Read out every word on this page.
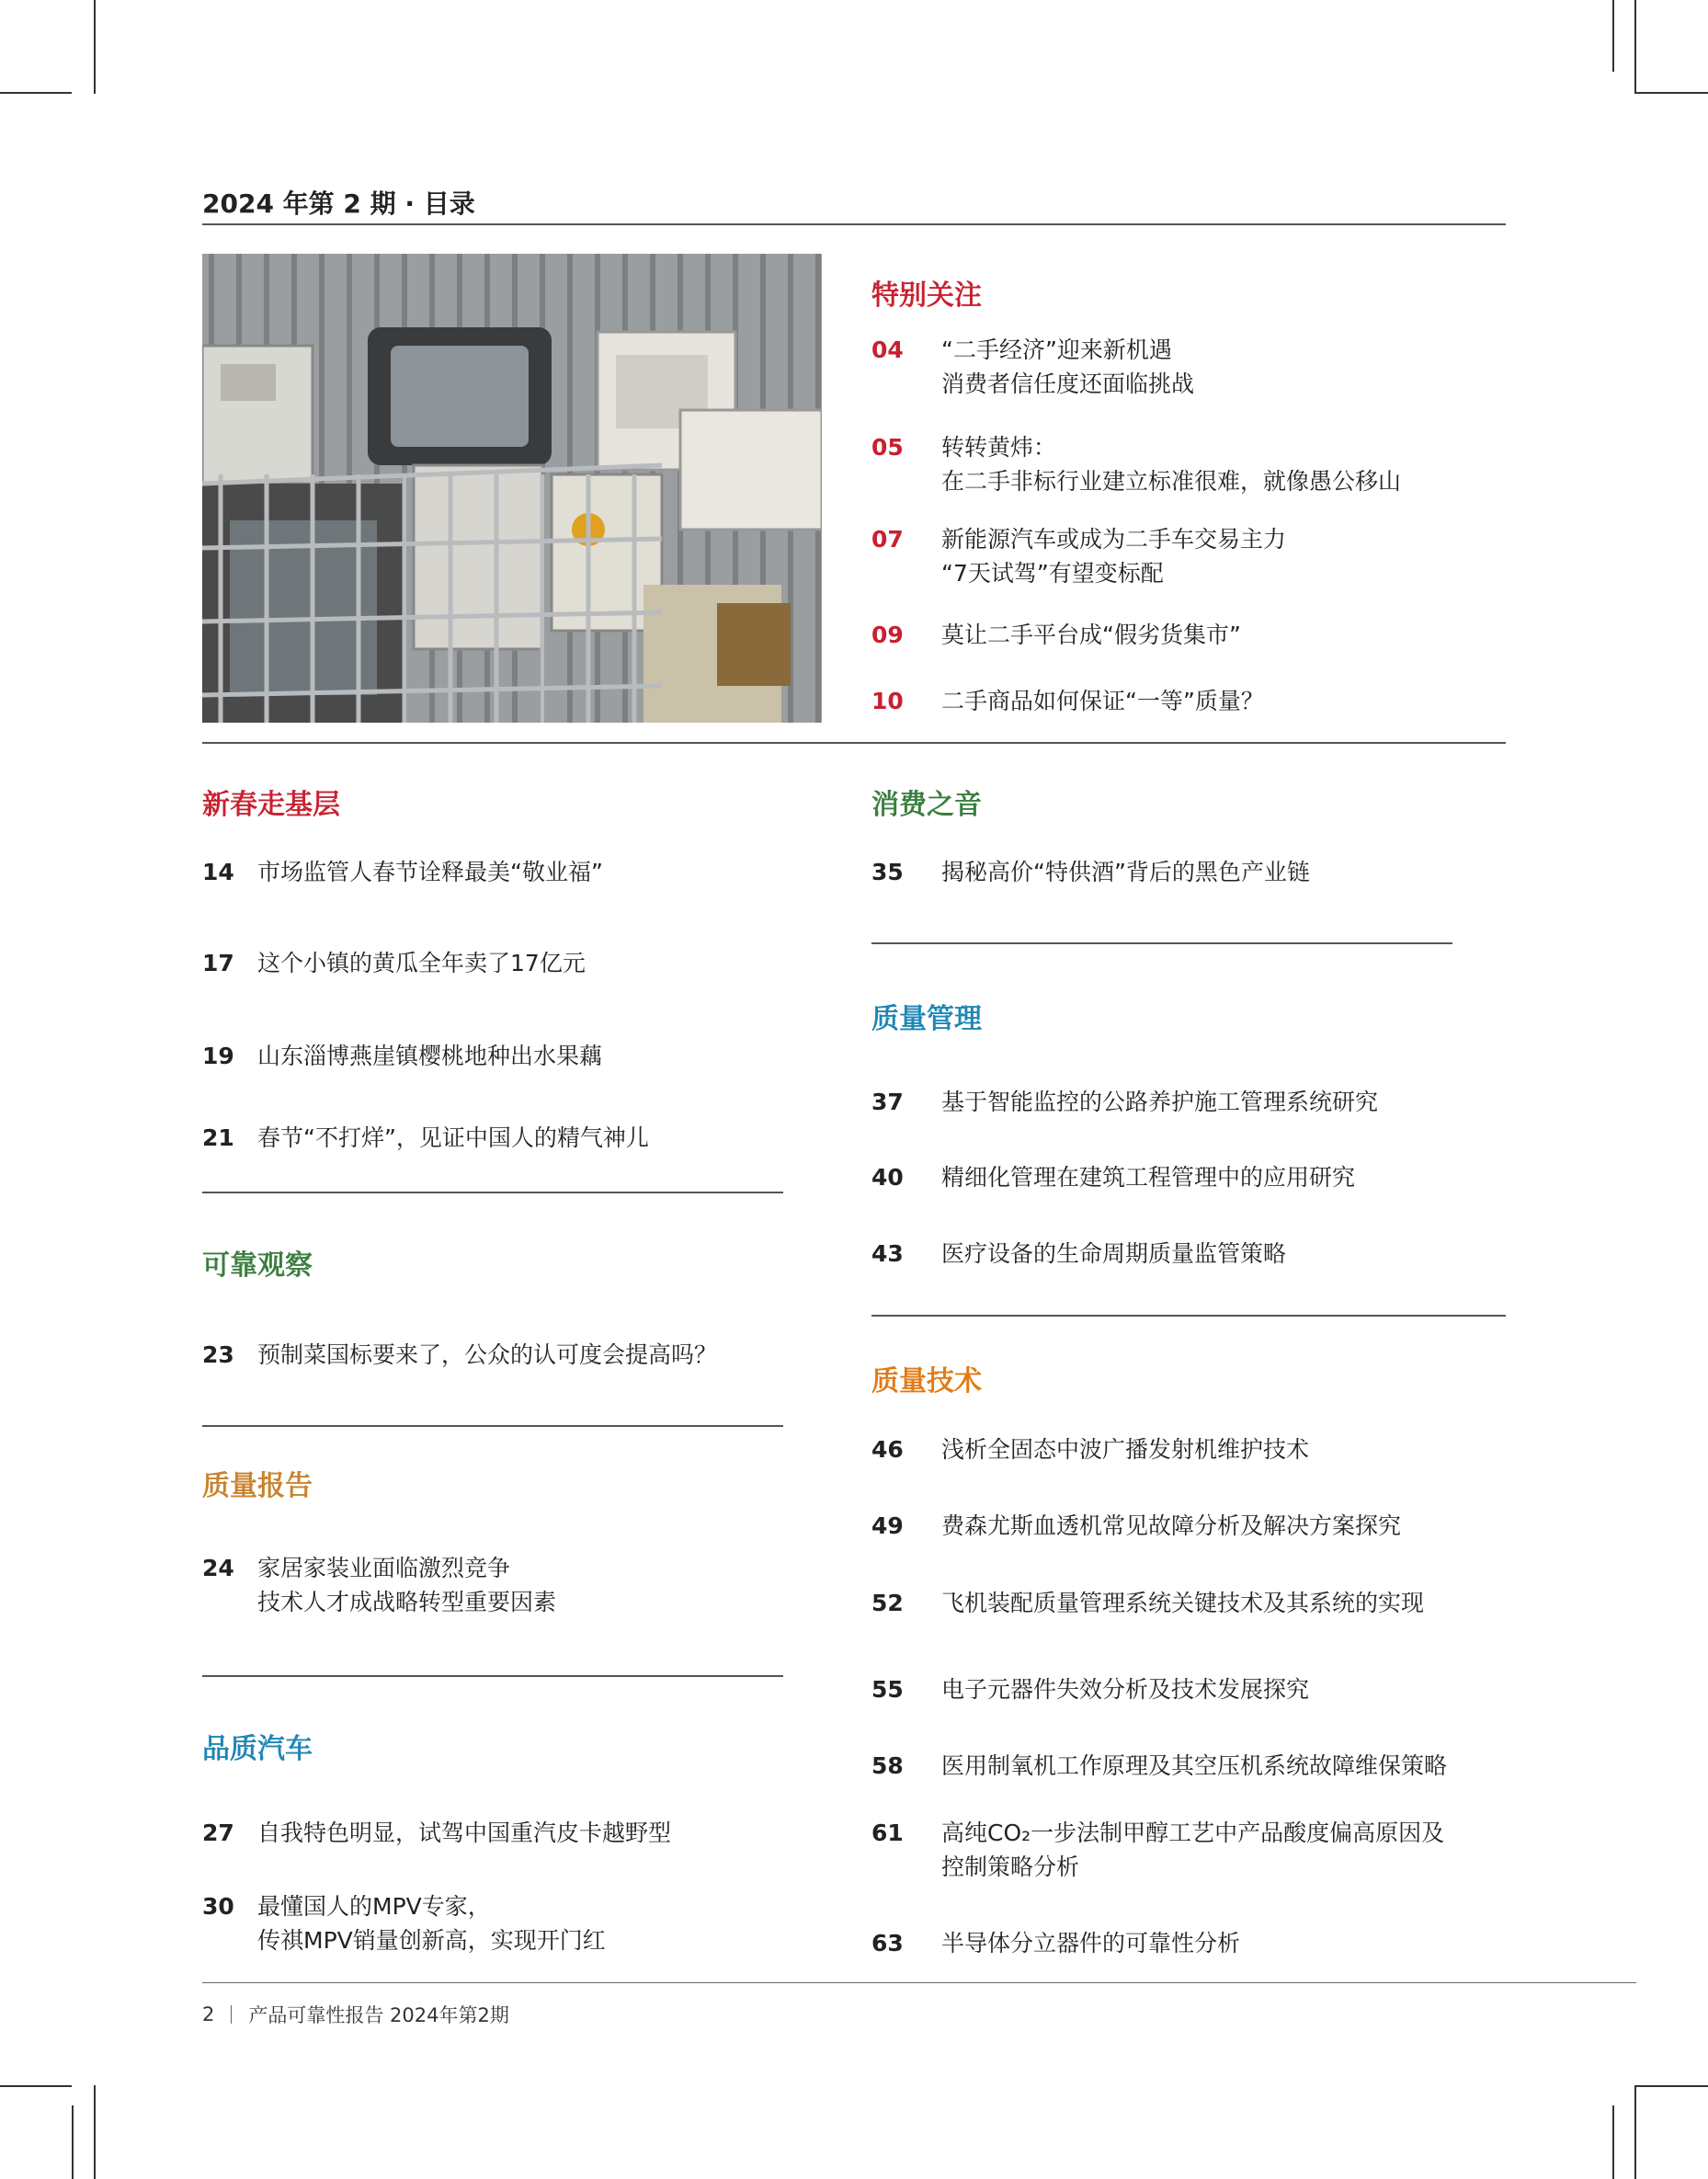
2024 年第 2 期 · 目录
特别关注
04	“二手经济”迎来新机遇
消费者信任度还面临挑战
05	转转黄炜：
在二手非标行业建立标准很难，就像愚公移山
07	新能源汽车或成为二手车交易主力
“7天试驾”有望变标配
09	莫让二手平台成“假劣货集市”
10	二手商品如何保证“一等”质量？
新春走基层
14	市场监管人春节诠释最美“敬业福”
17	这个小镇的黄瓜全年卖了17亿元
19	山东淄博燕崖镇樱桃地种出水果藕
21	春节“不打烊”，见证中国人的精气神儿
可靠观察
23	预制菜国标要来了，公众的认可度会提高吗？
质量报告
24	家居家装业面临激烈竞争
技术人才成战略转型重要因素
品质汽车
27	自我特色明显，试驾中国重汽皮卡越野型
30	最懂国人的MPV专家，
传祺MPV销量创新高，实现开门红
消费之音
35	揭秘高价“特供酒”背后的黑色产业链
质量管理
37	基于智能监控的公路养护施工管理系统研究
40	精细化管理在建筑工程管理中的应用研究
43	医疗设备的生命周期质量监管策略
质量技术
46	浅析全固态中波广播发射机维护技术
49	费森尤斯血透机常见故障分析及解决方案探究
52	飞机装配质量管理系统关键技术及其系统的实现
55	电子元器件失效分析及技术发展探究
58	医用制氧机工作原理及其空压机系统故障维保策略
61	高纯CO₂一步法制甲醇工艺中产品酸度偏高原因及
控制策略分析
63	半导体分立器件的可靠性分析
2 产品可靠性报告 2024年第2期
